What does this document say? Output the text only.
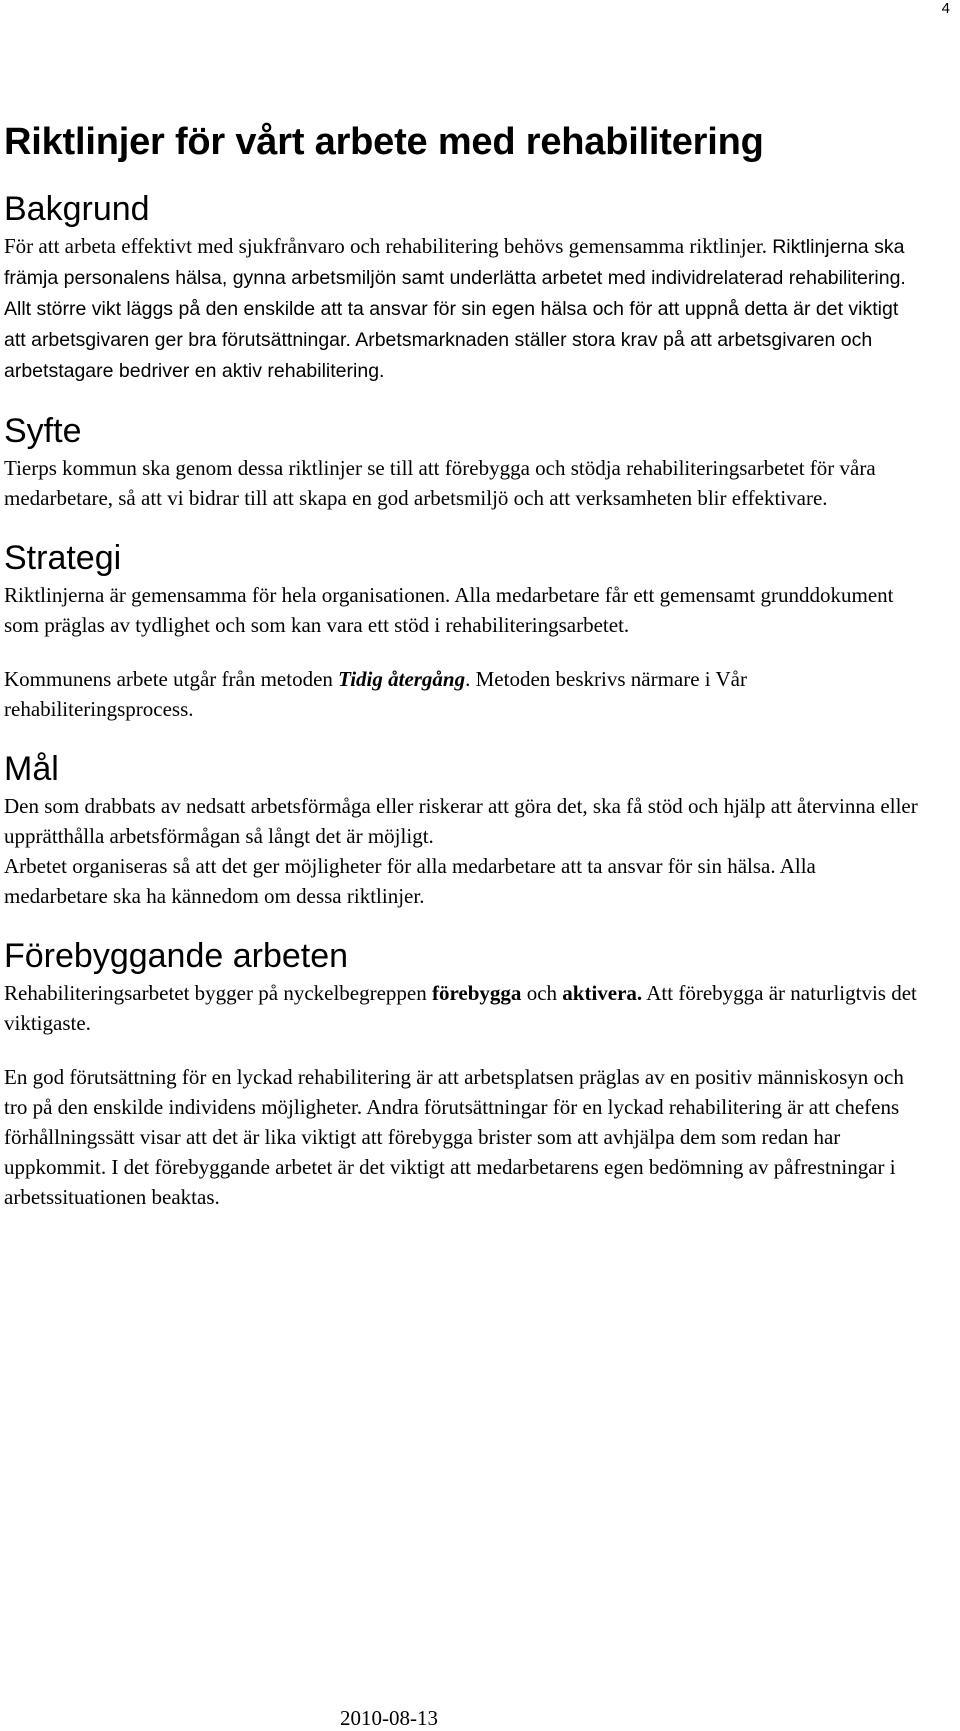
4
Riktlinjer för vårt arbete med rehabilitering
Bakgrund

För att arbeta effektivt med sjukfrånvaro och rehabilitering behövs gemensamma riktlinjer. Riktlinjerna ska främja personalens hälsa, gynna arbetsmiljön samt underlätta arbetet med individrelaterad rehabilitering. Allt större vikt läggs på den enskilde att ta ansvar för sin egen hälsa och för att uppnå detta är det viktigt att arbetsgivaren ger bra förutsättningar. Arbetsmarknaden ställer stora krav på att arbetsgivaren och arbetstagare bedriver en aktiv rehabilitering.

Syfte

Tierps kommun ska genom dessa riktlinjer se till att förebygga och stödja rehabiliteringsarbetet för våra medarbetare, så att vi bidrar till att skapa en god arbetsmiljö och att verksamheten blir effektivare.

Strategi

Riktlinjerna är gemensamma för hela organisationen. Alla medarbetare får ett gemensamt grunddokument som präglas av tydlighet och som kan vara ett stöd i rehabiliteringsarbetet.

Kommunens arbete utgår från metoden Tidig återgång. Metoden beskrivs närmare i Vår rehabiliteringsprocess.

Mål

Den som drabbats av nedsatt arbetsförmåga eller riskerar att göra det, ska få stöd och hjälp att återvinna eller upprätthålla arbetsförmågan så långt det är möjligt.

Arbetet organiseras så att det ger möjligheter för alla medarbetare att ta ansvar för sin hälsa. Alla medarbetare ska ha kännedom om dessa riktlinjer.

Förebyggande arbeten

Rehabiliteringsarbetet bygger på nyckelbegreppen förebygga och aktivera. Att förebygga är naturligtvis det viktigaste.

En god förutsättning för en lyckad rehabilitering är att arbetsplatsen präglas av en positiv människosyn och tro på den enskilde individens möjligheter. Andra förutsättningar för en lyckad rehabilitering är att chefens förhållningssätt visar att det är lika viktigt att förebygga brister som att avhjälpa dem som redan har uppkommit. I det förebyggande arbetet är det viktigt att medarbetarens egen bedömning av påfrestningar i arbetssituationen beaktas.

2010-08-13
